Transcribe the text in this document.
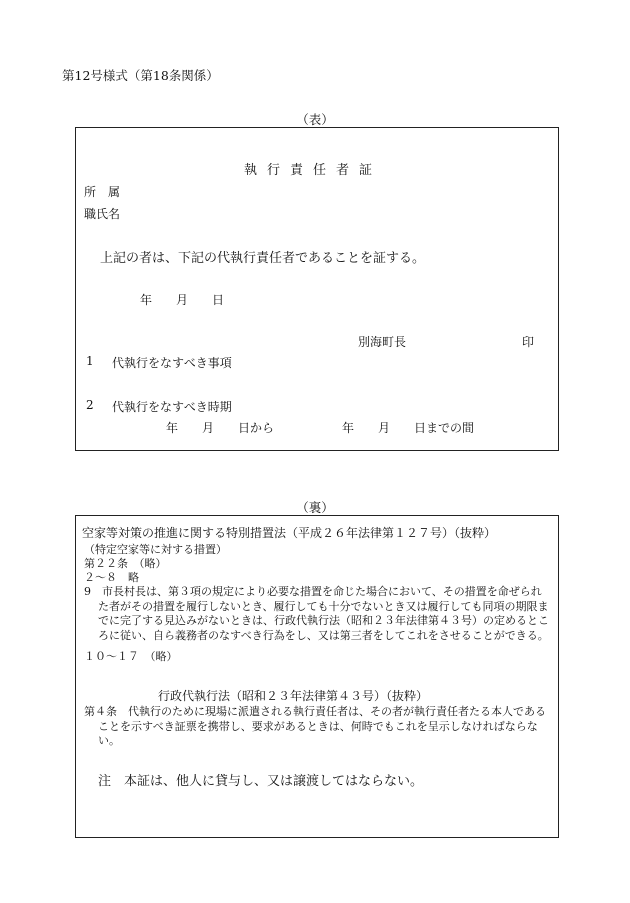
第12号様式（第18条関係）
（表）
執行責任者証
所　属
職氏名
上記の者は、下記の代執行責任者であることを証する。
年　　月　　日
別海町長	印
1 代執行をなすべき事項
2 代執行をなすべき時期
年　　月　　日から	年　　月　　日までの間
（裏）
空家等対策の推進に関する特別措置法（平成２６年法律第１２７号）（抜粋）
（特定空家等に対する措置）
第２２条　（略）
２～８　略
9　市長村長は、第３項の規定により必要な措置を命じた場合において、その措置を命ぜられた者がその措置を履行しないとき、履行しても十分でないとき又は履行しても同項の期限までに完了する見込みがないときは、行政代執行法（昭和２３年法律第４３号）の定めるところに従い、自ら義務者のなすべき行為をし、又は第三者をしてこれをさせることができる。
１０～１７　（略）
行政代執行法（昭和２３年法律第４３号）（抜粋）
第４条　代執行のために現場に派遣される執行責任者は、その者が執行責任者たる本人であることを示すべき証票を携帯し、要求があるときは、何時でもこれを呈示しなければならない。
注　本証は、他人に貸与し、又は譲渡してはならない。
